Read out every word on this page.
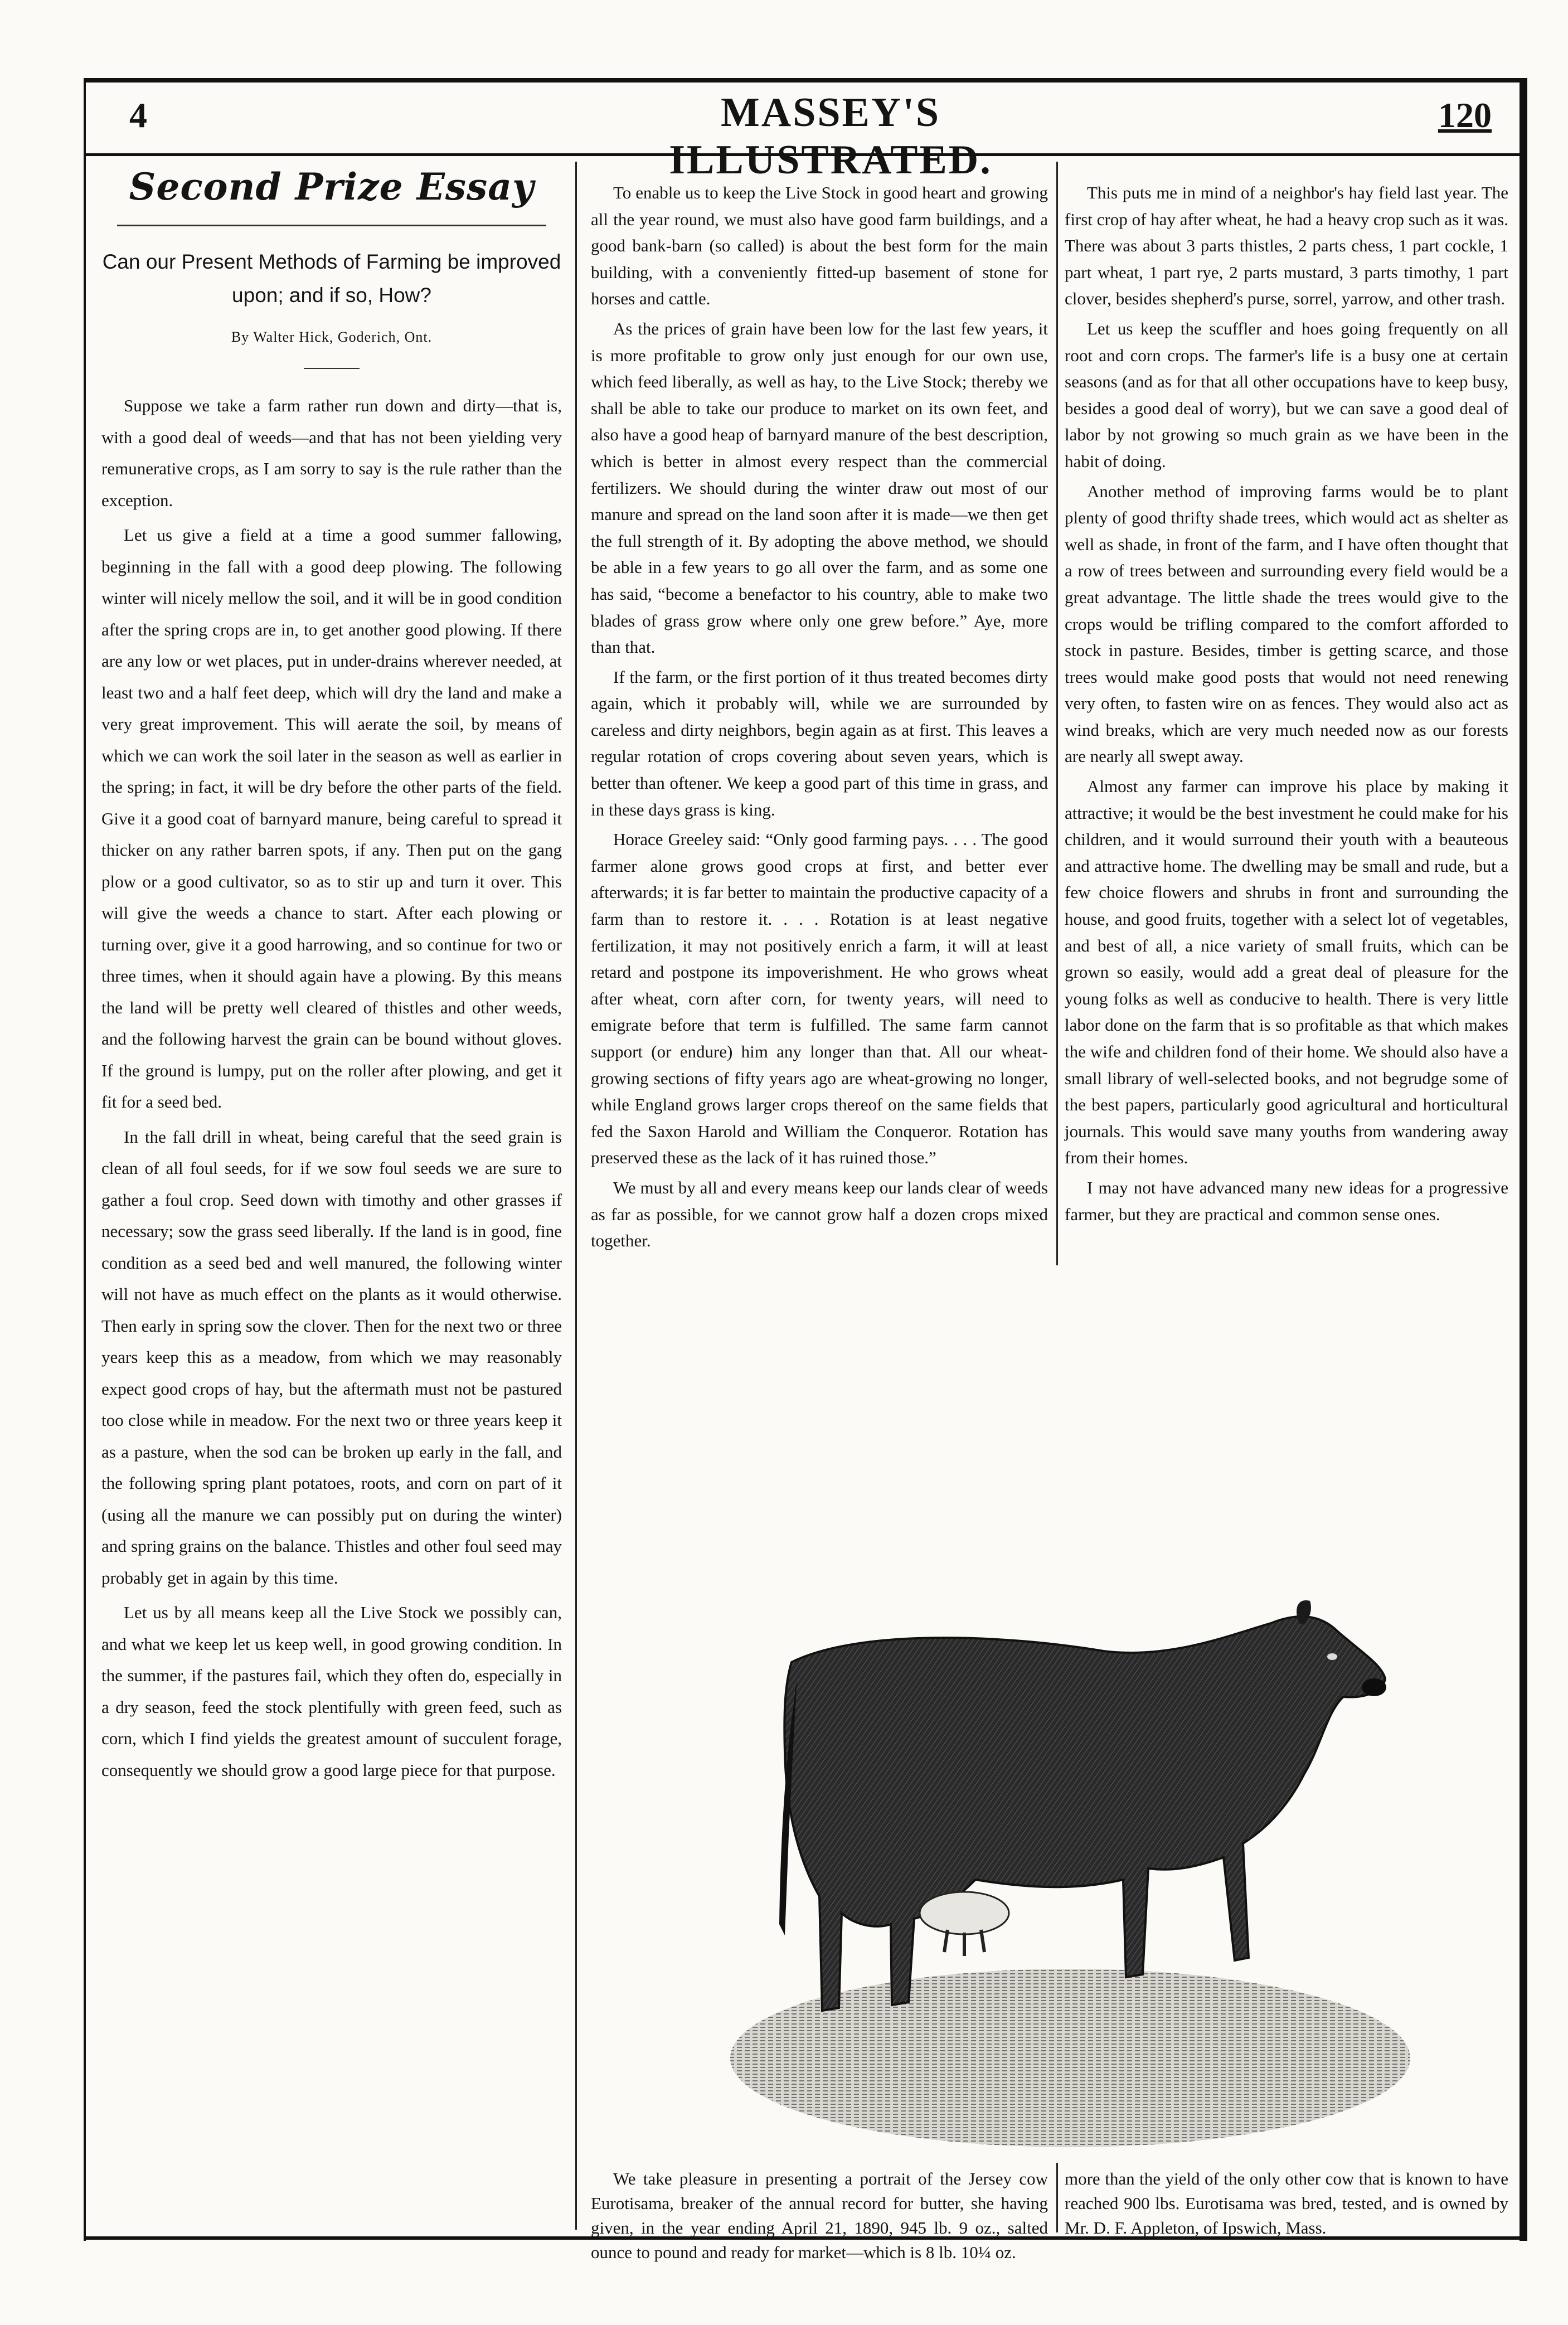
4	MASSEY'S ILLUSTRATED.
120
Second Prize Essay
Can our Present Methods of Farming be improved upon; and if so, How?
By Walter Hick, Goderich, Ont.

Suppose we take a farm rather run down and dirty—that is, with a good deal of weeds—and that has not been yielding very remunerative crops, as I am sorry to say is the rule rather than the exception.

Let us give a field at a time a good summer fallowing, beginning in the fall with a good deep plowing. The following winter will nicely mellow the soil, and it will be in good condition after the spring crops are in, to get another good plowing. If there are any low or wet places, put in under-drains wherever needed, at least two and a half feet deep, which will dry the land and make a very great improvement. This will aerate the soil, by means of which we can work the soil later in the season as well as earlier in the spring; in fact, it will be dry before the other parts of the field. Give it a good coat of barnyard manure, being careful to spread it thicker on any rather barren spots, if any. Then put on the gang plow or a good cultivator, so as to stir up and turn it over. This will give the weeds a chance to start. After each plowing or turning over, give it a good harrowing, and so continue for two or three times, when it should again have a plowing. By this means the land will be pretty well cleared of thistles and other weeds, and the following harvest the grain can be bound without gloves. If the ground is lumpy, put on the roller after plowing, and get it fit for a seed bed.

In the fall drill in wheat, being careful that the seed grain is clean of all foul seeds, for if we sow foul seeds we are sure to gather a foul crop. Seed down with timothy and other grasses if necessary; sow the grass seed liberally. If the land is in good, fine condition as a seed bed and well manured, the following winter will not have as much effect on the plants as it would otherwise. Then early in spring sow the clover. Then for the next two or three years keep this as a meadow, from which we may reasonably expect good crops of hay, but the aftermath must not be pastured too close while in meadow. For the next two or three years keep it as a pasture, when the sod can be broken up early in the fall, and the following spring plant potatoes, roots, and corn on part of it (using all the manure we can possibly put on during the winter) and spring grains on the balance. Thistles and other foul seed may probably get in again by this time.

Let us by all means keep all the Live Stock we possibly can, and what we keep let us keep well, in good growing condition. In the summer, if the pastures fail, which they often do, especially in a dry season, feed the stock plentifully with green feed, such as corn, which I find yields the greatest amount of succulent forage, consequently we should grow a good large piece for that purpose.

To enable us to keep the Live Stock in good heart and growing all the year round, we must also have good farm buildings, and a good bank-barn (so called) is about the best form for the main building, with a conveniently fitted-up basement of stone for horses and cattle.

As the prices of grain have been low for the last few years, it is more profitable to grow only just enough for our own use, which feed liberally, as well as hay, to the Live Stock; thereby we shall be able to take our produce to market on its own feet, and also have a good heap of barnyard manure of the best description, which is better in almost every respect than the commercial fertilizers. We should during the winter draw out most of our manure and spread on the land soon after it is made—we then get the full strength of it. By adopting the above method, we should be able in a few years to go all over the farm, and as some one has said, “become a benefactor to his country, able to make two blades of grass grow where only one grew before.” Aye, more than that.

If the farm, or the first portion of it thus treated becomes dirty again, which it probably will, while we are surrounded by careless and dirty neighbors, begin again as at first. This leaves a regular rotation of crops covering about seven years, which is better than oftener. We keep a good part of this time in grass, and in these days grass is king.

Horace Greeley said: “Only good farming pays. . . . The good farmer alone grows good crops at first, and better ever afterwards; it is far better to maintain the productive capacity of a farm than to restore it. . . . Rotation is at least negative fertilization, it may not positively enrich a farm, it will at least retard and postpone its impoverishment. He who grows wheat after wheat, corn after corn, for twenty years, will need to emigrate before that term is fulfilled. The same farm cannot support (or endure) him any longer than that. All our wheat-growing sections of fifty years ago are wheat-growing no longer, while England grows larger crops thereof on the same fields that fed the Saxon Harold and William the Conqueror. Rotation has preserved these as the lack of it has ruined those.”

We must by all and every means keep our lands clear of weeds as far as possible, for we cannot grow half a dozen crops mixed together.

This puts me in mind of a neighbor's hay field last year. The first crop of hay after wheat, he had a heavy crop such as it was. There was about 3 parts thistles, 2 parts chess, 1 part cockle, 1 part wheat, 1 part rye, 2 parts mustard, 3 parts timothy, 1 part clover, besides shepherd's purse, sorrel, yarrow, and other trash.

Let us keep the scuffler and hoes going frequently on all root and corn crops. The farmer's life is a busy one at certain seasons (and as for that all other occupations have to keep busy, besides a good deal of worry), but we can save a good deal of labor by not growing so much grain as we have been in the habit of doing.

Another method of improving farms would be to plant plenty of good thrifty shade trees, which would act as shelter as well as shade, in front of the farm, and I have often thought that a row of trees between and surrounding every field would be a great advantage. The little shade the trees would give to the crops would be trifling compared to the comfort afforded to stock in pasture. Besides, timber is getting scarce, and those trees would make good posts that would not need renewing very often, to fasten wire on as fences. They would also act as wind breaks, which are very much needed now as our forests are nearly all swept away.

Almost any farmer can improve his place by making it attractive; it would be the best investment he could make for his children, and it would surround their youth with a beauteous and attractive home. The dwelling may be small and rude, but a few choice flowers and shrubs in front and surrounding the house, and good fruits, together with a select lot of vegetables, and best of all, a nice variety of small fruits, which can be grown so easily, would add a great deal of pleasure for the young folks as well as conducive to health. There is very little labor done on the farm that is so profitable as that which makes the wife and children fond of their home. We should also have a small library of well-selected books, and not begrudge some of the best papers, particularly good agricultural and horticultural journals. This would save many youths from wandering away from their homes.

I may not have advanced many new ideas for a progressive farmer, but they are practical and common sense ones.

We take pleasure in presenting a portrait of the Jersey cow Eurotisama, breaker of the annual record for butter, she having given, in the year ending April 21, 1890, 945 lb. 9 oz., salted ounce to pound and ready for market—which is 8 lb. 10¼ oz.

more than the yield of the only other cow that is known to have reached 900 lbs. Eurotisama was bred, tested, and is owned by Mr. D. F. Appleton, of Ipswich, Mass.
